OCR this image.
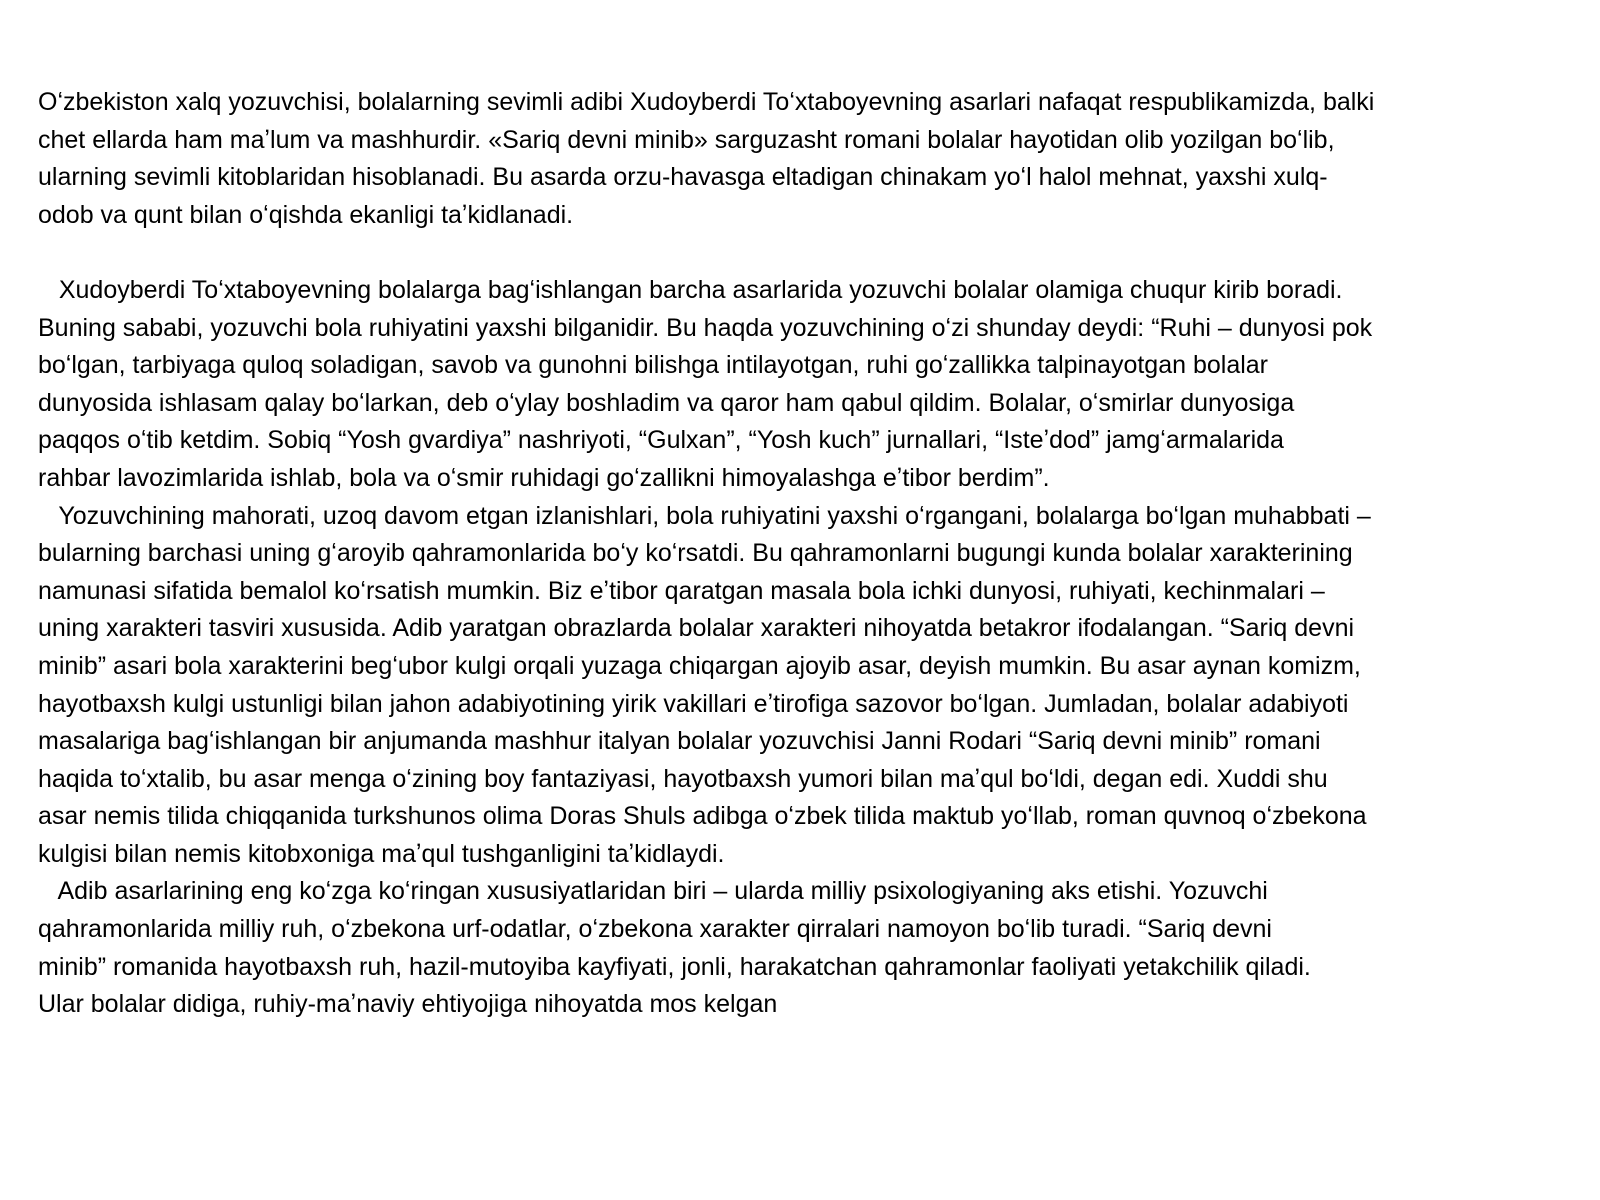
Oʻzbekiston xalq yozuvchisi, bolalarning sevimli adibi Xudoyberdi Toʻxtaboyevning asarlari nafaqat respublikamizda, balki
chet ellarda ham maʼlum va mashhurdir. «Sariq devni minib» sarguzasht romani bolalar hayotidan olib yozilgan boʻlib,
ularning sevimli kitoblaridan hisoblanadi. Bu asarda orzu-havasga eltadigan chinakam yoʻl halol mehnat, yaxshi xulq-
odob va qunt bilan oʻqishda ekanligi taʼkidlanadi.
Xudoyberdi Toʻxtaboyevning bolalarga bagʻishlangan barcha asarlarida yozuvchi bolalar olamiga chuqur kirib boradi.
Buning sababi, yozuvchi bola ruhiyatini yaxshi bilganidir. Bu haqda yozuvchining oʻzi shunday deydi: “Ruhi – dunyosi pok
boʻlgan, tarbiyaga quloq soladigan, savob va gunohni bilishga intilayotgan, ruhi goʻzallikka talpinayotgan bolalar
dunyosida ishlasam qalay boʻlarkan, deb oʻylay boshladim va qaror ham qabul qildim. Bolalar, oʻsmirlar dunyosiga
paqqos oʻtib ketdim. Sobiq “Yosh gvardiya” nashriyoti, “Gulxan”, “Yosh kuch” jurnallari, “Isteʼdod” jamgʻarmalarida
rahbar lavozimlarida ishlab, bola va oʻsmir ruhidagi goʻzallikni himoyalashga eʼtibor berdim”.
Yozuvchining mahorati, uzoq davom etgan izlanishlari, bola ruhiyatini yaxshi oʻrgangani, bolalarga boʻlgan muhabbati –
bularning barchasi uning gʻaroyib qahramonlarida boʻy koʻrsatdi. Bu qahramonlarni bugungi kunda bolalar xarakterining
namunasi sifatida bemalol koʻrsatish mumkin. Biz eʼtibor qaratgan masala bola ichki dunyosi, ruhiyati, kechinmalari –
uning xarakteri tasviri xususida. Adib yaratgan obrazlarda bolalar xarakteri nihoyatda betakror ifodalangan. “Sariq devni
minib” asari bola xarakterini begʻubor kulgi orqali yuzaga chiqargan ajoyib asar, deyish mumkin. Bu asar aynan komizm,
hayotbaxsh kulgi ustunligi bilan jahon adabiyotining yirik vakillari eʼtirofiga sazovor boʻlgan. Jumladan, bolalar adabiyoti
masalariga bagʻishlangan bir anjumanda mashhur italyan bolalar yozuvchisi Janni Rodari “Sariq devni minib” romani
haqida toʻxtalib, bu asar menga oʻzining boy fantaziyasi, hayotbaxsh yumori bilan maʼqul boʻldi, degan edi. Xuddi shu
asar nemis tilida chiqqanida turkshunos olima Doras Shuls adibga oʻzbek tilida maktub yoʻllab, roman quvnoq oʻzbekona
kulgisi bilan nemis kitobxoniga maʼqul tushganligini taʼkidlaydi.
Adib asarlarining eng koʻzga koʻringan xususiyatlaridan biri – ularda milliy psixologiyaning aks etishi. Yozuvchi
qahramonlarida milliy ruh, oʻzbekona urf-odatlar, oʻzbekona xarakter qirralari namoyon boʻlib turadi. “Sariq devni
minib” romanida hayotbaxsh ruh, hazil-mutoyiba kayfiyati, jonli, harakatchan qahramonlar faoliyati yetakchilik qiladi.
Ular bolalar didiga, ruhiy-maʼnaviy ehtiyojiga nihoyatda mos kelgan
